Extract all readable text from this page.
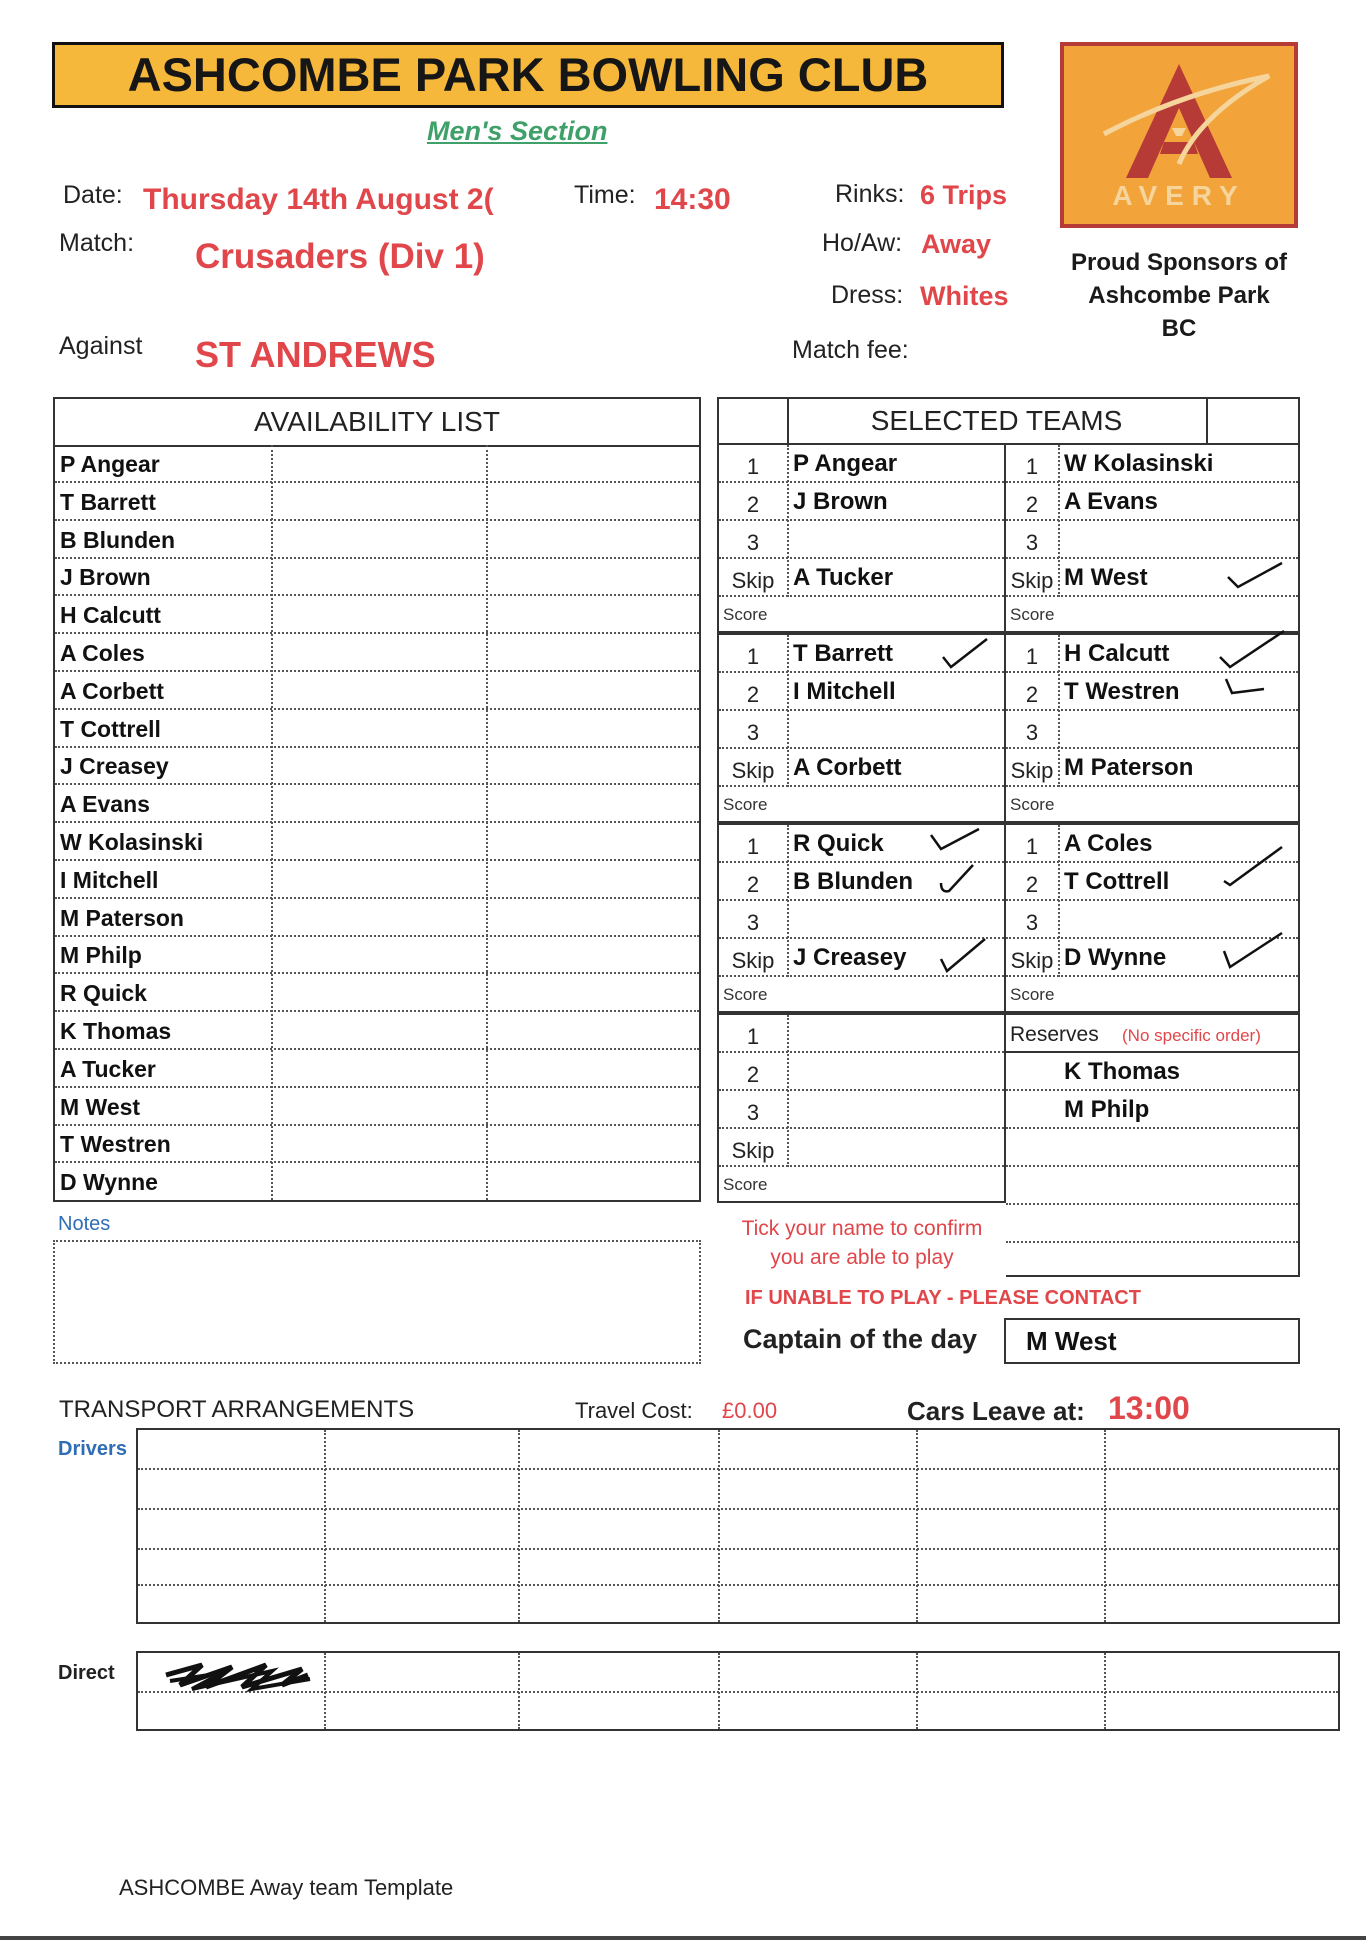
ASHCOMBE PARK BOWLING CLUB
Men's Section
AVERY
Proud Sponsors of
Ashcombe Park
BC
Date: Thursday 14th August 2(	Time: 14:30	Rinks: 6 Trips
Match: Crusaders (Div 1)	Ho/Aw: Away
Dress: Whites
Against ST ANDREWS	Match fee:
AVAILABILITY LIST
P Angear
T Barrett
B Blunden
J Brown
H Calcutt
A Coles
A Corbett
T Cottrell
J Creasey
A Evans
W Kolasinski
I Mitchell
M Paterson
M Philp
R Quick
K Thomas
A Tucker
M West
T Westren
D Wynne
SELECTED TEAMS
1	P Angear
2	J Brown
3
Skip A Tucker
Score
1	W Kolasinski
2	A Evans
3
Skip M West
Score
1	T Barrett
2	I Mitchell
3
Skip A Corbett
Score
1	H Calcutt
2	T Westren
3
Skip M Paterson
Score
1	R Quick
2	B Blunden
3
Skip J Creasey
Score
1	A Coles
2	T Cottrell
3
Skip D Wynne
Score
1
2
3
Skip
Score
Reserves (No specific order)
K Thomas
M Philp
Notes	Tick your name to confirm
you are able to play
IF UNABLE TO PLAY - PLEASE CONTACT
Captain of the day M West
TRANSPORT ARRANGEMENTS	Travel Cost: £0.00	Cars Leave at: 13:00
Drivers
Direct
ASHCOMBE Away team Template
